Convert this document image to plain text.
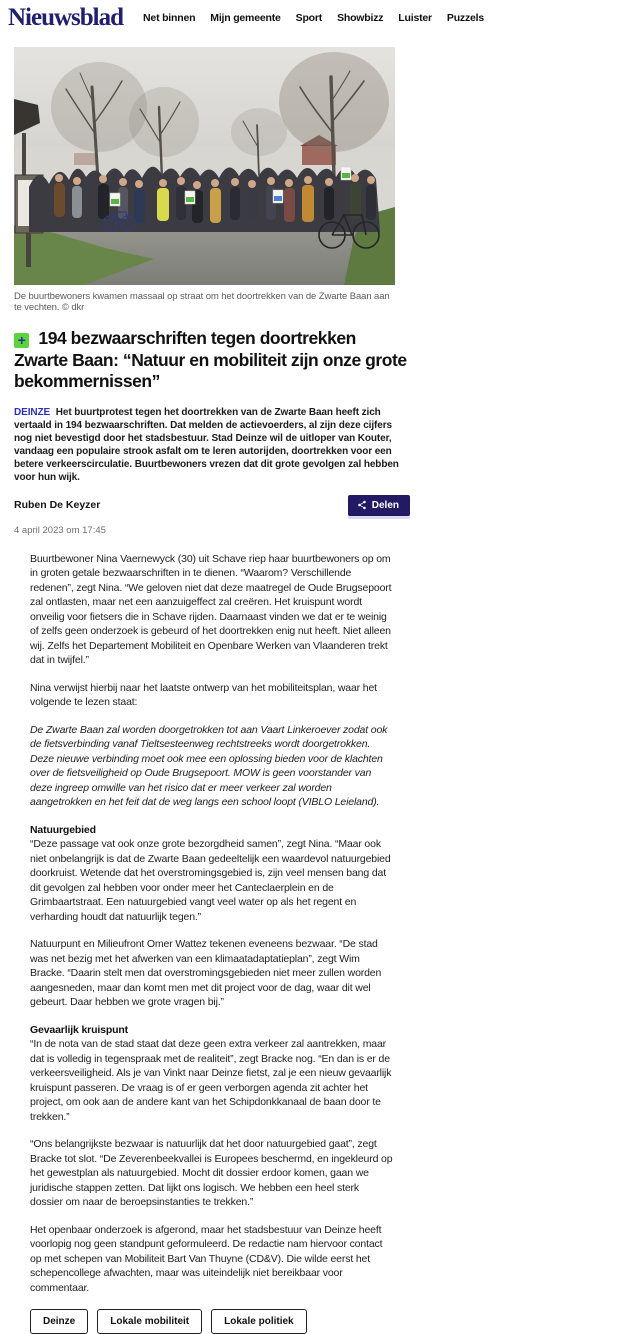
Nieuwsblad Net binnen Mijn gemeente Sport Showbizz Luister Puzzels
De buurtbewoners kwamen massaal op straat om het doortrekken van de Zwarte Baan aan te vechten. © dkr
+ 194 bezwaarschriften tegen doortrekken Zwarte Baan: “Natuur en mobiliteit zijn onze grote bekommernissen”

DEINZE Het buurtprotest tegen het doortrekken van de Zwarte Baan heeft zich vertaald in 194 bezwaarschriften. Dat melden de actievoerders, al zijn deze cijfers nog niet bevestigd door het stadsbestuur. Stad Deinze wil de uitloper van Kouter, vandaag een populaire strook asfalt om te leren autorijden, doortrekken voor een betere verkeerscirculatie. Buurtbewoners vrezen dat dit grote gevolgen zal hebben voor hun wijk.

Ruben De Keyzer	Delen
4 april 2023 om 17:45

Buurtbewoner Nina Vaernewyck (30) uit Schave riep haar buurtbewoners op om in groten getale bezwaarschriften in te dienen. “Waarom? Verschillende redenen”, zegt Nina. “We geloven niet dat deze maatregel de Oude Brugsepoort zal ontlasten, maar net een aanzuigeffect zal creëren. Het kruispunt wordt onveilig voor fietsers die in Schave rijden. Daarnaast vinden we dat er te weinig of zelfs geen onderzoek is gebeurd of het doortrekken enig nut heeft. Niet alleen wij. Zelfs het Departement Mobiliteit en Openbare Werken van Vlaanderen trekt dat in twijfel.”

Nina verwijst hierbij naar het laatste ontwerp van het mobiliteitsplan, waar het volgende te lezen staat:

De Zwarte Baan zal worden doorgetrokken tot aan Vaart Linkeroever zodat ook de fietsverbinding vanaf Tieltsesteenweg rechtstreeks wordt doorgetrokken. Deze nieuwe verbinding moet ook mee een oplossing bieden voor de klachten over de fietsveiligheid op Oude Brugsepoort. MOW is geen voorstander van deze ingreep omwille van het risico dat er meer verkeer zal worden aangetrokken en het feit dat de weg langs een school loopt (VIBLO Leieland).

Natuurgebied

“Deze passage vat ook onze grote bezorgdheid samen”, zegt Nina. “Maar ook niet onbelangrijk is dat de Zwarte Baan gedeeltelijk een waardevol natuurgebied doorkruist. Wetende dat het overstromingsgebied is, zijn veel mensen bang dat dit gevolgen zal hebben voor onder meer het Canteclaerplein en de Grimbaartstraat. Een natuurgebied vangt veel water op als het regent en verharding houdt dat natuurlijk tegen.”

Natuurpunt en Milieufront Omer Wattez tekenen eveneens bezwaar. “De stad was net bezig met het afwerken van een klimaatadaptatieplan”, zegt Wim Bracke. “Daarin stelt men dat overstromingsgebieden niet meer zullen worden aangesneden, maar dan komt men met dit project voor de dag, waar dit wel gebeurt. Daar hebben we grote vragen bij.”

Gevaarlijk kruispunt

“In de nota van de stad staat dat deze geen extra verkeer zal aantrekken, maar dat is volledig in tegenspraak met de realiteit”, zegt Bracke nog. “En dan is er de verkeersveiligheid. Als je van Vinkt naar Deinze fietst, zal je een nieuw gevaarlijk kruispunt passeren. De vraag is of er geen verborgen agenda zit achter het project, om ook aan de andere kant van het Schipdonkkanaal de baan door te trekken.”

“Ons belangrijkste bezwaar is natuurlijk dat het door natuurgebied gaat”, zegt Bracke tot slot. “De Zeverenbeekvallei is Europees beschermd, en ingekleurd op het gewestplan als natuurgebied. Mocht dit dossier erdoor komen, gaan we juridische stappen zetten. Dat lijkt ons logisch. We hebben een heel sterk dossier om naar de beroepsinstanties te trekken.”

Het openbaar onderzoek is afgerond, maar het stadsbestuur van Deinze heeft voorlopig nog geen standpunt geformuleerd. De redactie nam hiervoor contact op met schepen van Mobiliteit Bart Van Thuyne (CD&V). Die wilde eerst het schepencollege afwachten, maar was uiteindelijk niet bereikbaar voor commentaar.

Deinze	Lokale mobiliteit	Lokale politiek
